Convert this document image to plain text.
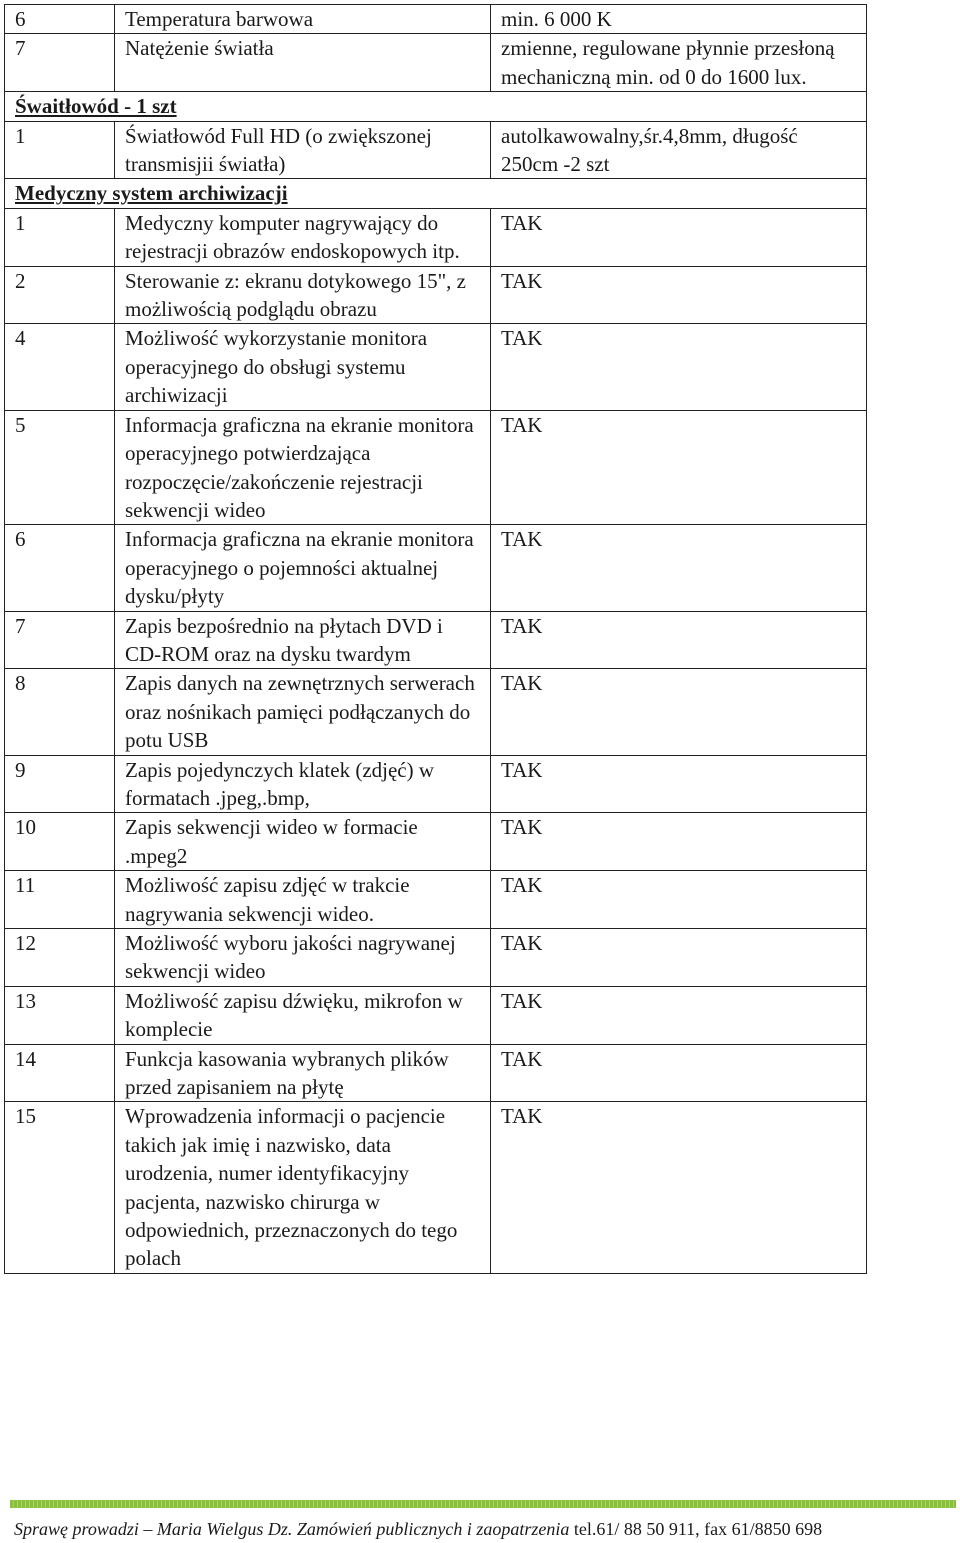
6	Temperatura barwowa	min. 6 000 K
7	Natężenie światła	zmienne, regulowane płynnie przesłoną mechaniczną min. od 0 do 1600 lux.
Śwaitłowód - 1 szt		
1	Światłowód Full HD (o zwiększonej transmisjii światła)	autolkawowalny,śr.4,8mm, długość 250cm -2 szt
Medyczny system archiwizacji		
1	Medyczny komputer nagrywający do rejestracji obrazów endoskopowych itp.	TAK
2	Sterowanie z: ekranu dotykowego 15", z możliwością podglądu obrazu	TAK
4	Możliwość wykorzystanie monitora operacyjnego do obsługi systemu archiwizacji	TAK
5	Informacja graficzna na ekranie monitora operacyjnego potwierdzająca rozpoczęcie/zakończenie rejestracji sekwencji wideo	TAK
6	Informacja graficzna na ekranie monitora operacyjnego o pojemności aktualnej dysku/płyty	TAK
7	Zapis bezpośrednio na płytach DVD i CD-ROM oraz na dysku twardym	TAK
8	Zapis danych na zewnętrznych serwerach oraz nośnikach pamięci podłączanych do potu USB	TAK
9	Zapis pojedynczych klatek (zdjęć) w formatach .jpeg,.bmp,	TAK
10	Zapis sekwencji wideo w formacie .mpeg2	TAK
11	Możliwość zapisu zdjęć w trakcie nagrywania sekwencji wideo.	TAK
12	Możliwość wyboru jakości nagrywanej sekwencji wideo	TAK
13	Możliwość zapisu dźwięku, mikrofon w komplecie	TAK
14	Funkcja kasowania wybranych plików przed zapisaniem na płytę	TAK
15	Wprowadzenia informacji o pacjencie takich jak imię i nazwisko, data urodzenia, numer identyfikacyjny pacjenta, nazwisko chirurga w odpowiednich, przeznaczonych do tego polach	TAK
Sprawę prowadzi – Maria Wielgus Dz. Zamówień publicznych i zaopatrzenia tel.61/ 88 50 911, fax 61/8850 698
